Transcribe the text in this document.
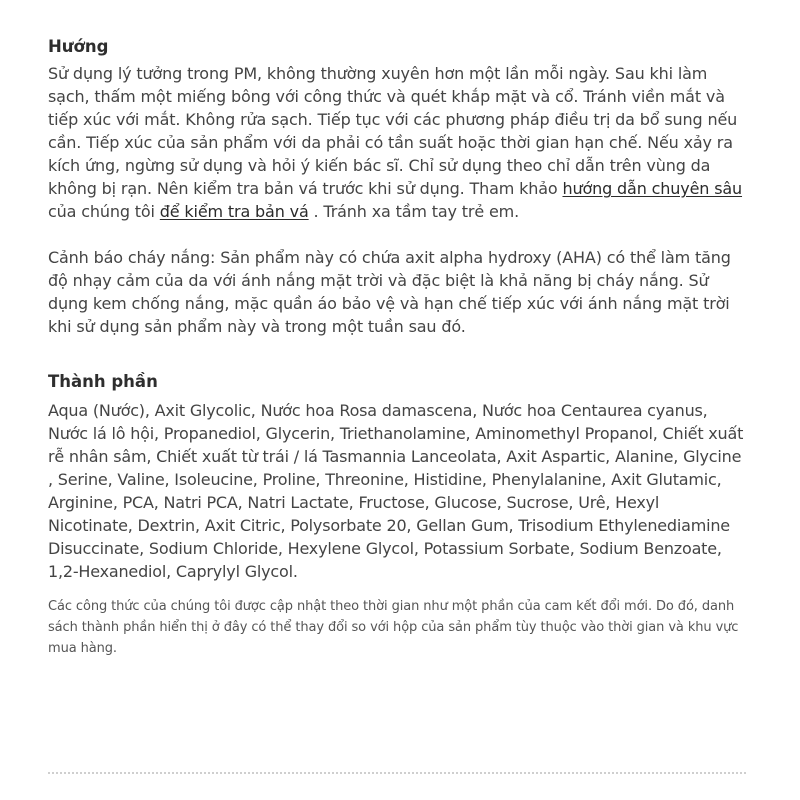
Hướng

Sử dụng lý tưởng trong PM, không thường xuyên hơn một lần mỗi ngày. Sau khi làm sạch, thấm một miếng bông với công thức và quét khắp mặt và cổ. Tránh viền mắt và tiếp xúc với mắt. Không rửa sạch. Tiếp tục với các phương pháp điều trị da bổ sung nếu cần. Tiếp xúc của sản phẩm với da phải có tần suất hoặc thời gian hạn chế. Nếu xảy ra kích ứng, ngừng sử dụng và hỏi ý kiến bác sĩ. Chỉ sử dụng theo chỉ dẫn trên vùng da không bị rạn. Nên kiểm tra bản vá trước khi sử dụng. Tham khảo hướng dẫn chuyên sâu của chúng tôi để kiểm tra bản vá . Tránh xa tầm tay trẻ em.

Cảnh báo cháy nắng: Sản phẩm này có chứa axit alpha hydroxy (AHA) có thể làm tăng độ nhạy cảm của da với ánh nắng mặt trời và đặc biệt là khả năng bị cháy nắng. Sử dụng kem chống nắng, mặc quần áo bảo vệ và hạn chế tiếp xúc với ánh nắng mặt trời khi sử dụng sản phẩm này và trong một tuần sau đó.

Thành phần

Aqua (Nước), Axit Glycolic, Nước hoa Rosa damascena, Nước hoa Centaurea cyanus, Nước lá lô hội, Propanediol, Glycerin, Triethanolamine, Aminomethyl Propanol, Chiết xuất rễ nhân sâm, Chiết xuất từ trái / lá Tasmannia Lanceolata, Axit Aspartic, Alanine, Glycine , Serine, Valine, Isoleucine, Proline, Threonine, Histidine, Phenylalanine, Axit Glutamic, Arginine, PCA, Natri PCA, Natri Lactate, Fructose, Glucose, Sucrose, Urê, Hexyl Nicotinate, Dextrin, Axit Citric, Polysorbate 20, Gellan Gum, Trisodium Ethylenediamine Disuccinate, Sodium Chloride, Hexylene Glycol, Potassium Sorbate, Sodium Benzoate, 1,2-Hexanediol, Caprylyl Glycol.

Các công thức của chúng tôi được cập nhật theo thời gian như một phần của cam kết đổi mới. Do đó, danh sách thành phần hiển thị ở đây có thể thay đổi so với hộp của sản phẩm tùy thuộc vào thời gian và khu vực mua hàng.
